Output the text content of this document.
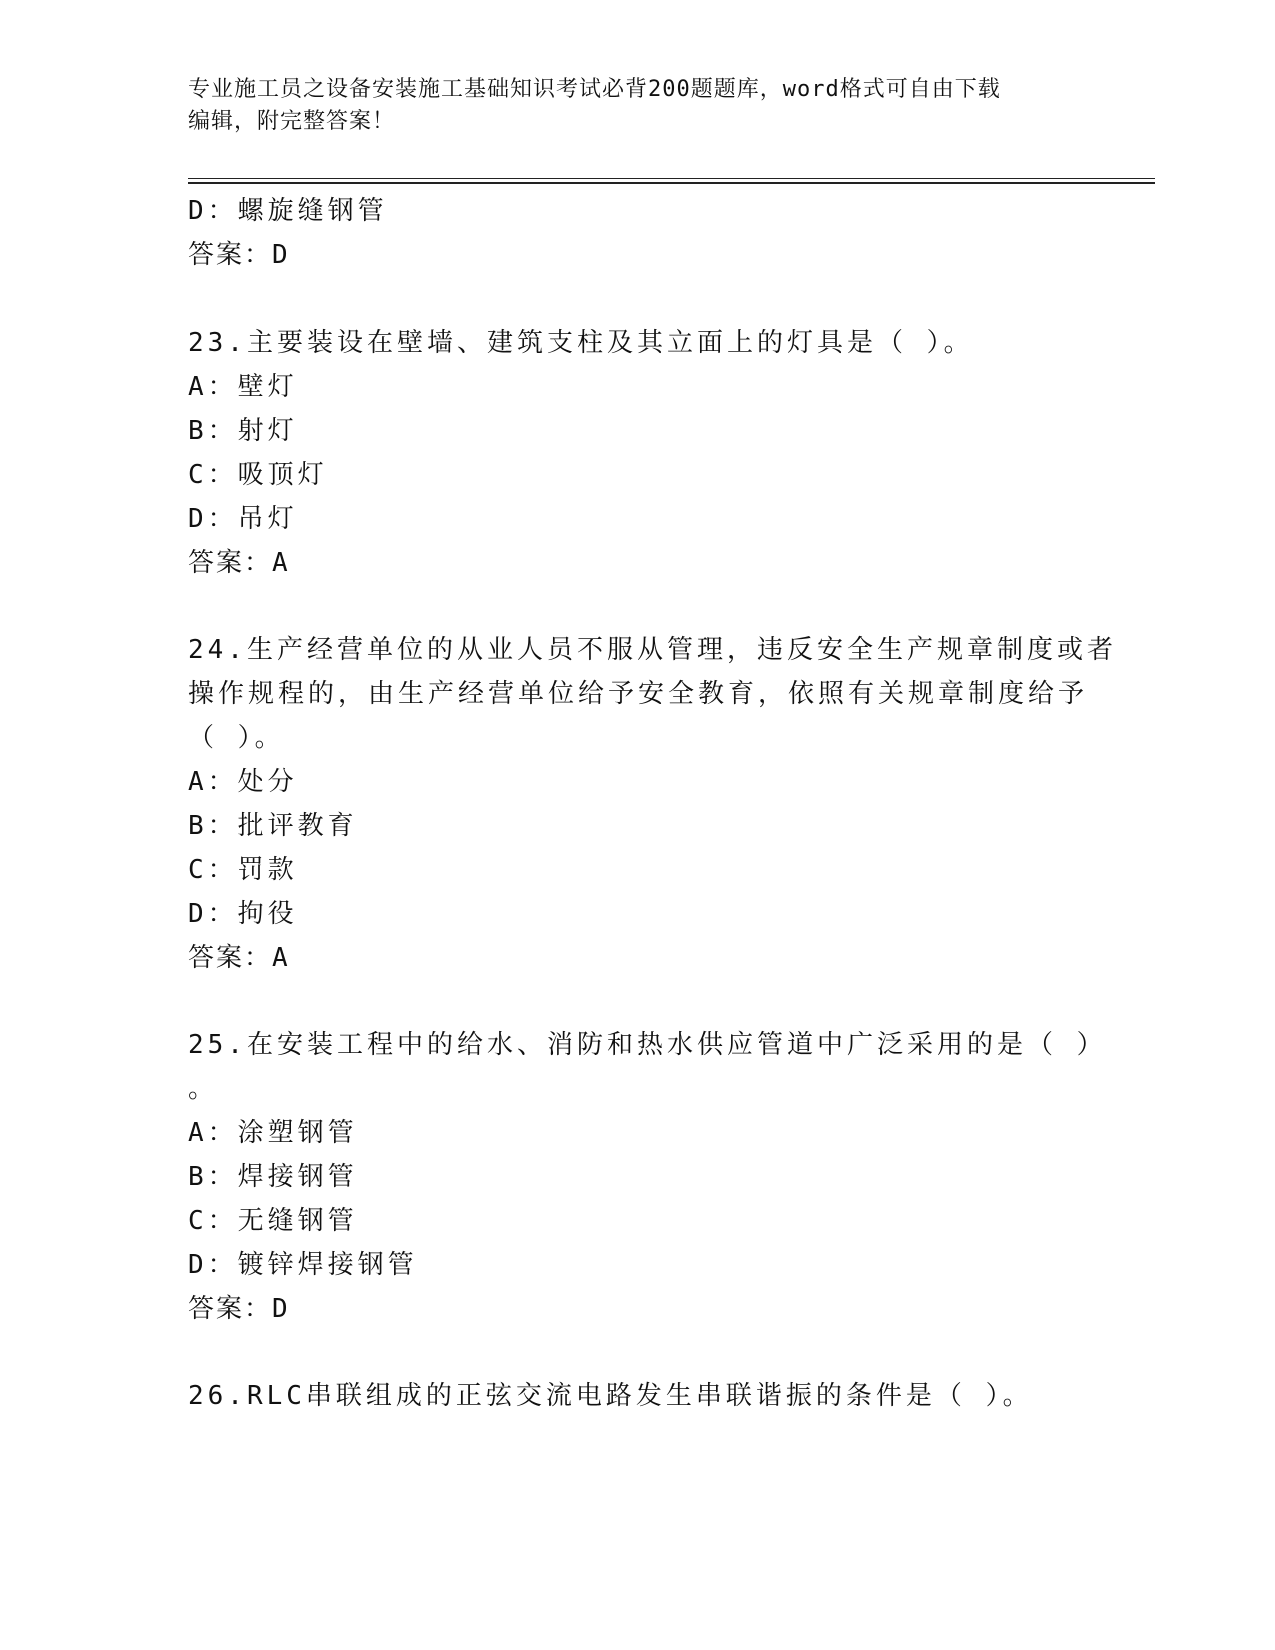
专业施工员之设备安装施工基础知识考试必背200题题库，word格式可自由下载
编辑，附完整答案！
D：螺旋缝钢管
答案：D
23.主要装设在壁墙、建筑支柱及其立面上的灯具是（ ）。
A：壁灯
B：射灯
C：吸顶灯
D：吊灯
答案：A
24.生产经营单位的从业人员不服从管理，违反安全生产规章制度或者
操作规程的，由生产经营单位给予安全教育，依照有关规章制度给予
（ ）。
A：处分
B：批评教育
C：罚款
D：拘役
答案：A
25.在安装工程中的给水、消防和热水供应管道中广泛采用的是（ ）
。
A：涂塑钢管
B：焊接钢管
C：无缝钢管
D：镀锌焊接钢管
答案：D
26.RLC串联组成的正弦交流电路发生串联谐振的条件是（ ）。
